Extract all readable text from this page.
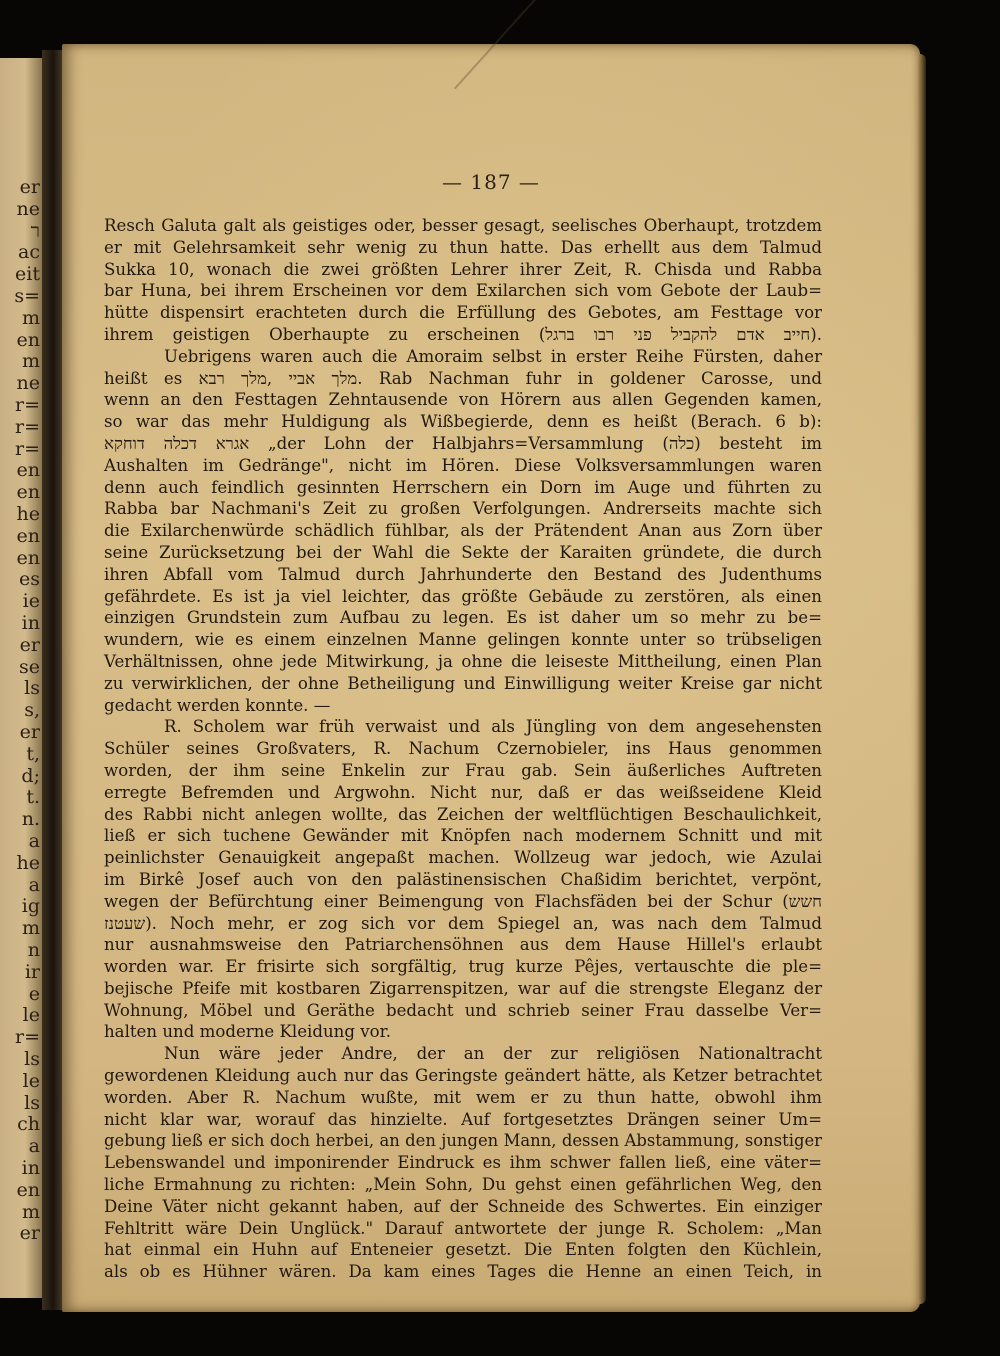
er
ne
ר
ac
eit
s=
m
en
m
ne
r=
r=
r=
en
en
he
en
en
es
ie
in
er
se
ls
s,
er
t,
d;
t.
n.
a
he
a
ig
m
n
ir
e
le
r=
ls
le
ls
ch
a
in
en
m
er
— 187 —
Resch Galuta galt als geistiges oder, besser gesagt, seelisches Oberhaupt, trotzdem
er mit Gelehrsamkeit sehr wenig zu thun hatte. Das erhellt aus dem Talmud
Sukka 10, wonach die zwei größten Lehrer ihrer Zeit, R. Chisda und Rabba
bar Huna, bei ihrem Erscheinen vor dem Exilarchen sich vom Gebote der Laub=
hütte dispensirt erachteten durch die Erfüllung des Gebotes, am Festtage vor
ihrem geistigen Oberhaupte zu erscheinen (חייב אדם להקביל פני רבו ברגל).
Uebrigens waren auch die Amoraim selbst in erster Reihe Fürsten, daher
heißt es מלך אביי ,מלך רבא. Rab Nachman fuhr in goldener Carosse, und
wenn an den Festtagen Zehntausende von Hörern aus allen Gegenden kamen,
so war das mehr Huldigung als Wißbegierde, denn es heißt (Berach. 6 b):
אגרא דכלה דוחקא „der Lohn der Halbjahrs=Versammlung (כלה) besteht im
Aushalten im Gedränge", nicht im Hören. Diese Volksversammlungen waren
denn auch feindlich gesinnten Herrschern ein Dorn im Auge und führten zu
Rabba bar Nachmani's Zeit zu großen Verfolgungen. Andrerseits machte sich
die Exilarchenwürde schädlich fühlbar, als der Prätendent Anan aus Zorn über
seine Zurücksetzung bei der Wahl die Sekte der Karaiten gründete, die durch
ihren Abfall vom Talmud durch Jahrhunderte den Bestand des Judenthums
gefährdete. Es ist ja viel leichter, das größte Gebäude zu zerstören, als einen
einzigen Grundstein zum Aufbau zu legen. Es ist daher um so mehr zu be=
wundern, wie es einem einzelnen Manne gelingen konnte unter so trübseligen
Verhältnissen, ohne jede Mitwirkung, ja ohne die leiseste Mittheilung, einen Plan
zu verwirklichen, der ohne Betheiligung und Einwilligung weiter Kreise gar nicht
gedacht werden konnte. —
R. Scholem war früh verwaist und als Jüngling von dem angesehensten
Schüler seines Großvaters, R. Nachum Czernobieler, ins Haus genommen
worden, der ihm seine Enkelin zur Frau gab. Sein äußerliches Auftreten
erregte Befremden und Argwohn. Nicht nur, daß er das weißseidene Kleid
des Rabbi nicht anlegen wollte, das Zeichen der weltflüchtigen Beschaulichkeit,
ließ er sich tuchene Gewänder mit Knöpfen nach modernem Schnitt und mit
peinlichster Genauigkeit angepaßt machen. Wollzeug war jedoch, wie Azulai
im Birkê Josef auch von den palästinensischen Chaßidim berichtet, verpönt,
wegen der Befürchtung einer Beimengung von Flachsfäden bei der Schur (חשש
שעטנז). Noch mehr, er zog sich vor dem Spiegel an, was nach dem Talmud
nur ausnahmsweise den Patriarchensöhnen aus dem Hause Hillel's erlaubt
worden war. Er frisirte sich sorgfältig, trug kurze Pêjes, vertauschte die ple=
bejische Pfeife mit kostbaren Zigarrenspitzen, war auf die strengste Eleganz der
Wohnung, Möbel und Geräthe bedacht und schrieb seiner Frau dasselbe Ver=
halten und moderne Kleidung vor.
Nun wäre jeder Andre, der an der zur religiösen Nationaltracht
gewordenen Kleidung auch nur das Geringste geändert hätte, als Ketzer betrachtet
worden. Aber R. Nachum wußte, mit wem er zu thun hatte, obwohl ihm
nicht klar war, worauf das hinzielte. Auf fortgesetztes Drängen seiner Um=
gebung ließ er sich doch herbei, an den jungen Mann, dessen Abstammung, sonstiger
Lebenswandel und imponirender Eindruck es ihm schwer fallen ließ, eine väter=
liche Ermahnung zu richten: „Mein Sohn, Du gehst einen gefährlichen Weg, den
Deine Väter nicht gekannt haben, auf der Schneide des Schwertes. Ein einziger
Fehltritt wäre Dein Unglück." Darauf antwortete der junge R. Scholem: „Man
hat einmal ein Huhn auf Enteneier gesetzt. Die Enten folgten den Küchlein,
als ob es Hühner wären. Da kam eines Tages die Henne an einen Teich, in
